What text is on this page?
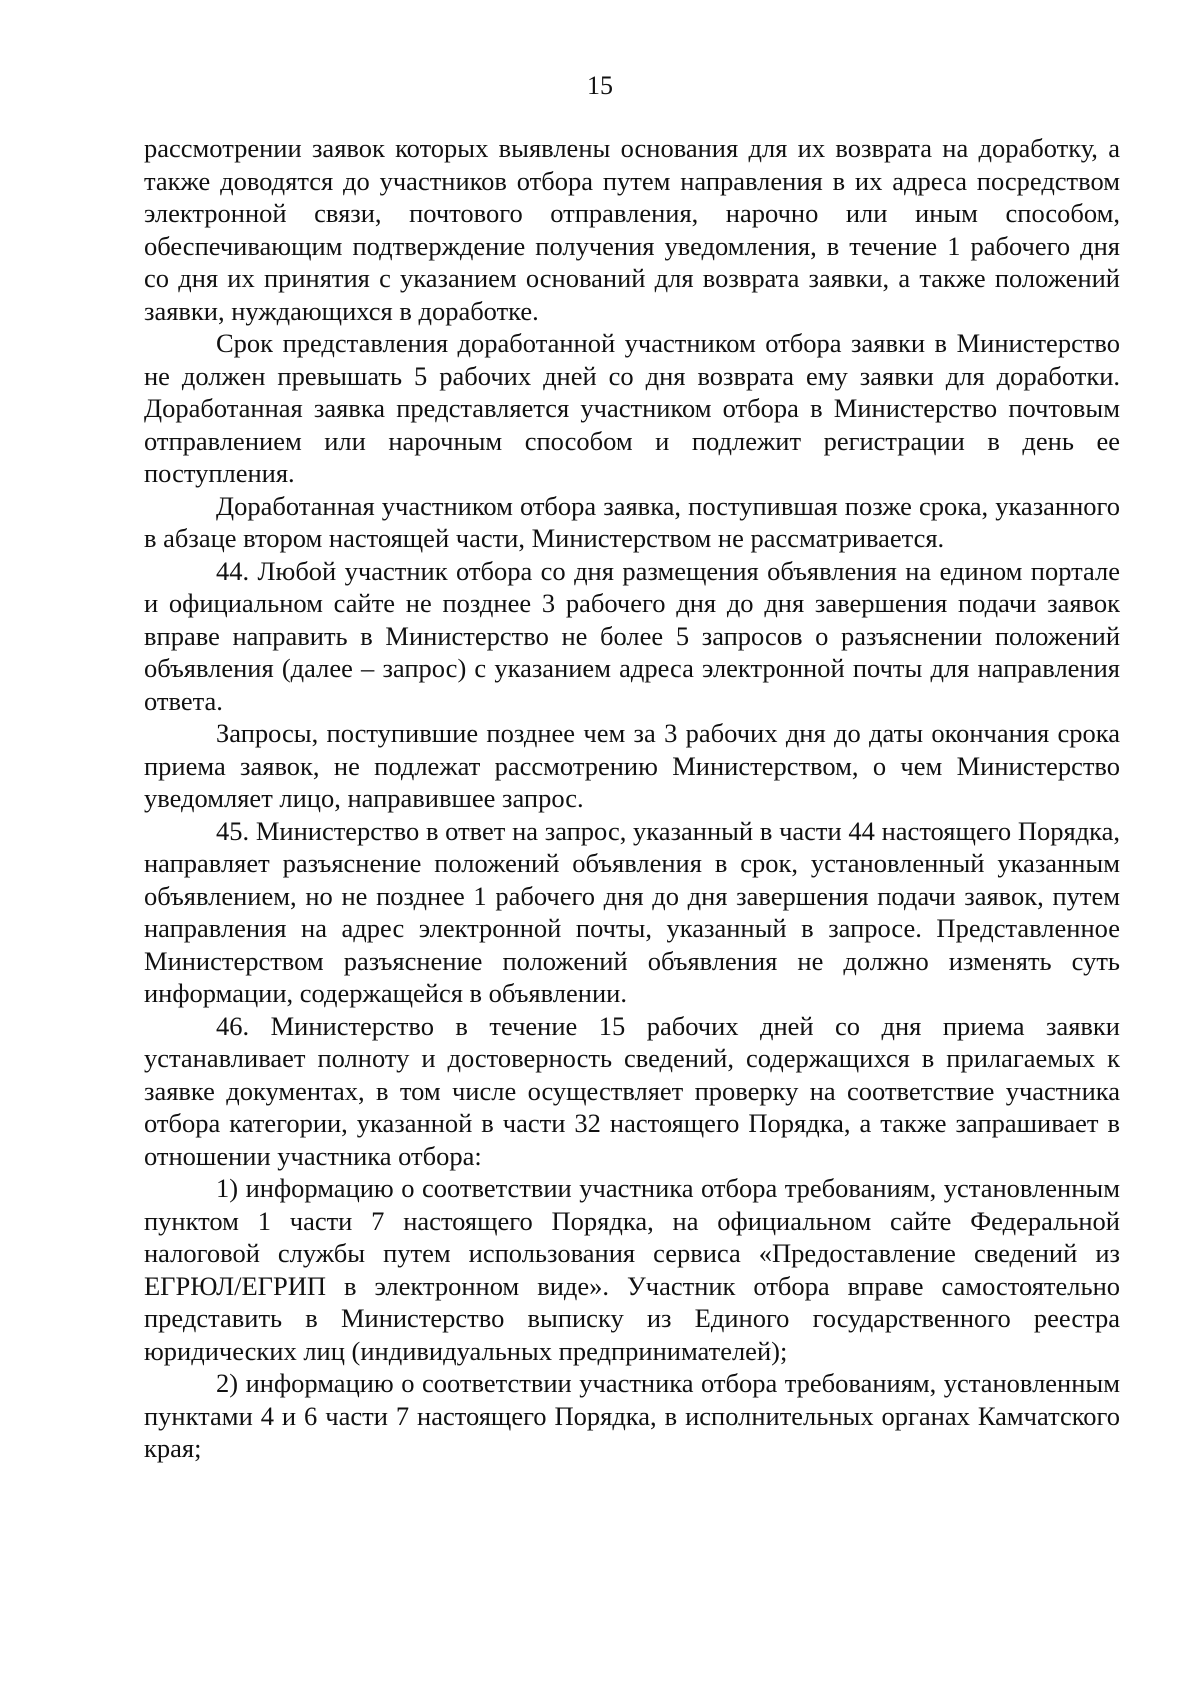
15

рассмотрении заявок которых выявлены основания для их возврата на доработку, а также доводятся до участников отбора путем направления в их адреса посредством электронной связи, почтового отправления, нарочно или иным способом, обеспечивающим подтверждение получения уведомления, в течение 1 рабочего дня со дня их принятия с указанием оснований для возврата заявки, а также положений заявки, нуждающихся в доработке.

Срок представления доработанной участником отбора заявки в Министерство не должен превышать 5 рабочих дней со дня возврата ему заявки для доработки. Доработанная заявка представляется участником отбора в Министерство почтовым отправлением или нарочным способом и подлежит регистрации в день ее поступления.

Доработанная участником отбора заявка, поступившая позже срока, указанного в абзаце втором настоящей части, Министерством не рассматривается.

44. Любой участник отбора со дня размещения объявления на едином портале и официальном сайте не позднее 3 рабочего дня до дня завершения подачи заявок вправе направить в Министерство не более 5 запросов о разъяснении положений объявления (далее – запрос) с указанием адреса электронной почты для направления ответа.

Запросы, поступившие позднее чем за 3 рабочих дня до даты окончания срока приема заявок, не подлежат рассмотрению Министерством, о чем Министерство уведомляет лицо, направившее запрос.

45. Министерство в ответ на запрос, указанный в части 44 настоящего Порядка, направляет разъяснение положений объявления в срок, установленный указанным объявлением, но не позднее 1 рабочего дня до дня завершения подачи заявок, путем направления на адрес электронной почты, указанный в запросе. Представленное Министерством разъяснение положений объявления не должно изменять суть информации, содержащейся в объявлении.

46. Министерство в течение 15 рабочих дней со дня приема заявки устанавливает полноту и достоверность сведений, содержащихся в прилагаемых к заявке документах, в том числе осуществляет проверку на соответствие участника отбора категории, указанной в части 32 настоящего Порядка, а также запрашивает в отношении участника отбора:

1) информацию о соответствии участника отбора требованиям, установленным пунктом 1 части 7 настоящего Порядка, на официальном сайте Федеральной налоговой службы путем использования сервиса «Предоставление сведений из ЕГРЮЛ/ЕГРИП в электронном виде». Участник отбора вправе самостоятельно представить в Министерство выписку из Единого государственного реестра юридических лиц (индивидуальных предпринимателей);

2) информацию о соответствии участника отбора требованиям, установленным пунктами 4 и 6 части 7 настоящего Порядка, в исполнительных органах Камчатского края;
